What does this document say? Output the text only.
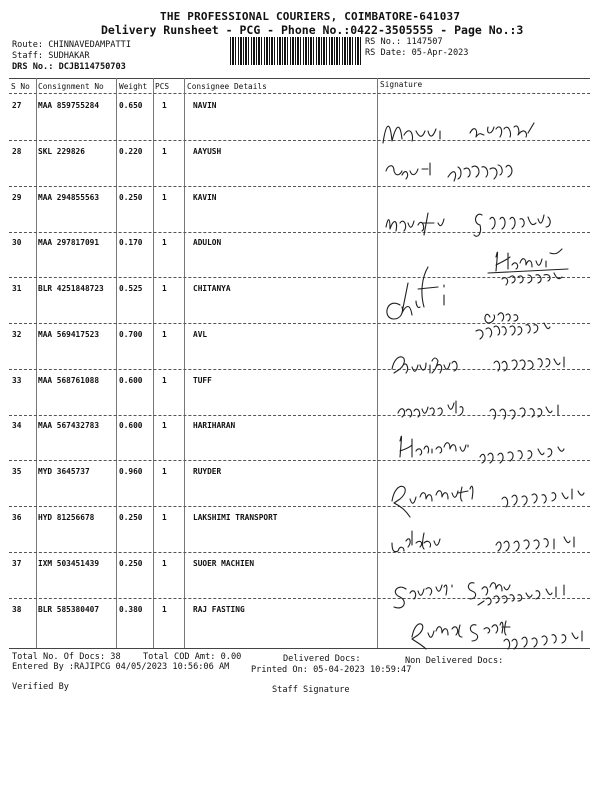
THE PROFESSIONAL COURIERS, COIMBATORE-641037
Delivery Runsheet - PCG - Phone No.:0422-3505555 - Page No.:3
Route: CHINNAVEDAMPATTI
Staff: SUDHAKAR
DRS No.: DCJB114750703
RS No.: 1147507
RS Date: 05-Apr-2023
S No Consignment No Weight PCS Consignee Details	Signature
27 MAA 859755284	0.650	1	NAVIN
28 SKL 229826	0.220	1	AAYUSH
29 MAA 294855563	0.250	1	KAVIN
30 MAA 297817091	0.170	1	ADULON
31 BLR 4251848723 0.525	1	CHITANYA
32 MAA 569417523	0.700	1	AVL
33 MAA 568761088	0.600	1	TUFF
34 MAA 567432783	0.600	1	HARIHARAN
35 MYD 3645737	0.960	1	RUYDER
36 HYD 81256678	0.250	1	LAKSHIMI TRANSPORT
37 IXM 503451439	0.250	1	SUOER MACHIEN
38 BLR 585380407	0.380	1	RAJ FASTING
Total No. Of Docs: 38	Total COD Amt: 0.00	Delivered Docs:	Non Delivered Docs:
Entered By :RAJIPCG 04/05/2023 10:56:06 AM	Printed On: 05-04-2023 10:59:47
Verified By	Staff Signature
